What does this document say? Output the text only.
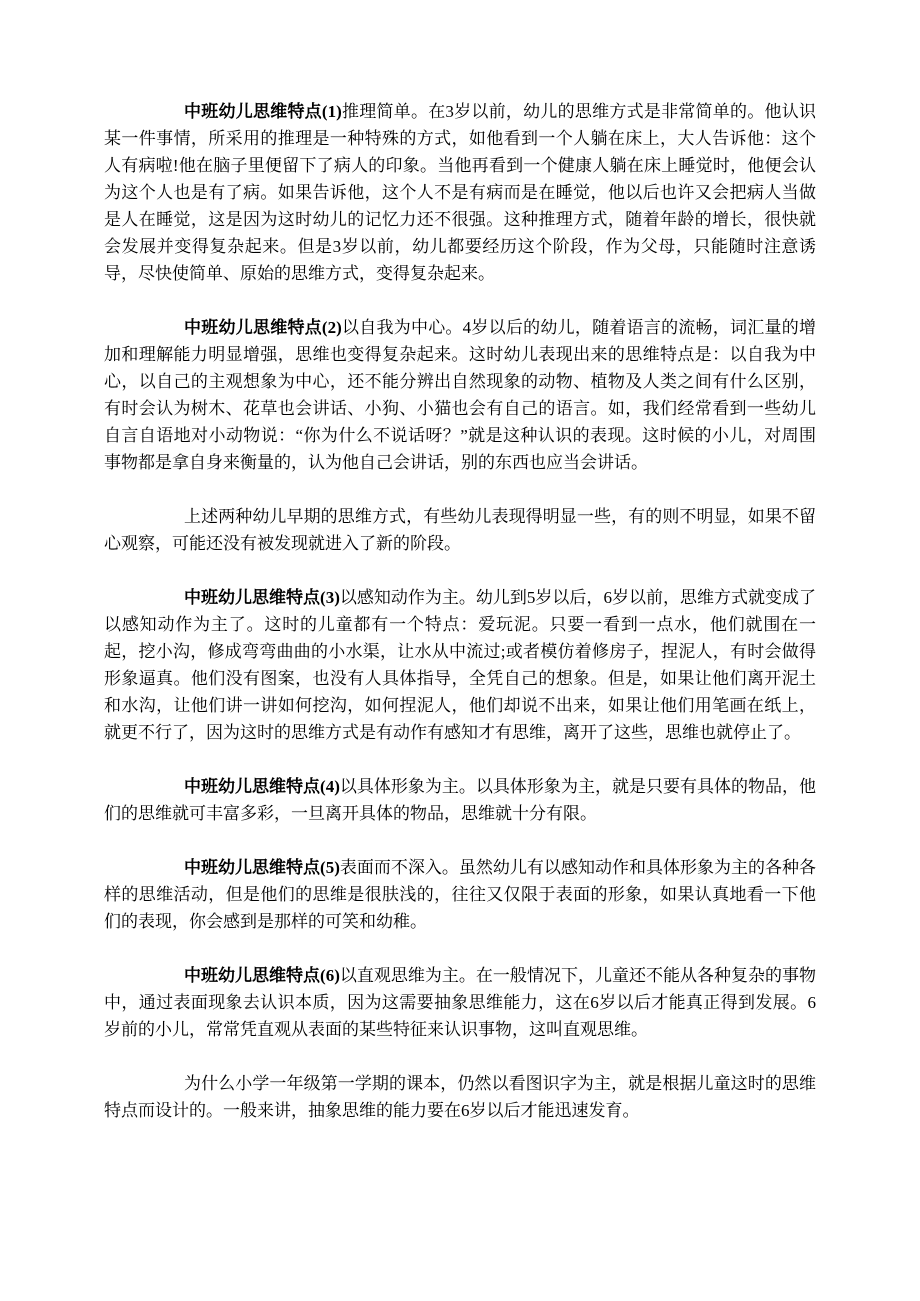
中班幼儿思维特点(1)推理简单。在3岁以前，幼儿的思维方式是非常简单的。他认识某一件事情，所采用的推理是一种特殊的方式，如他看到一个人躺在床上，大人告诉他：这个人有病啦!他在脑子里便留下了病人的印象。当他再看到一个健康人躺在床上睡觉时，他便会认为这个人也是有了病。如果告诉他，这个人不是有病而是在睡觉，他以后也许又会把病人当做是人在睡觉，这是因为这时幼儿的记忆力还不很强。这种推理方式，随着年龄的增长，很快就会发展并变得复杂起来。但是3岁以前，幼儿都要经历这个阶段，作为父母，只能随时注意诱导，尽快使简单、原始的思维方式，变得复杂起来。

中班幼儿思维特点(2)以自我为中心。4岁以后的幼儿，随着语言的流畅，词汇量的增加和理解能力明显增强，思维也变得复杂起来。这时幼儿表现出来的思维特点是：以自我为中心，以自己的主观想象为中心，还不能分辨出自然现象的动物、植物及人类之间有什么区别，有时会认为树木、花草也会讲话、小狗、小猫也会有自己的语言。如，我们经常看到一些幼儿自言自语地对小动物说：“你为什么不说话呀？”就是这种认识的表现。这时候的小儿，对周围事物都是拿自身来衡量的，认为他自己会讲话，别的东西也应当会讲话。

上述两种幼儿早期的思维方式，有些幼儿表现得明显一些，有的则不明显，如果不留心观察，可能还没有被发现就进入了新的阶段。

中班幼儿思维特点(3)以感知动作为主。幼儿到5岁以后，6岁以前，思维方式就变成了以感知动作为主了。这时的儿童都有一个特点：爱玩泥。只要一看到一点水，他们就围在一起，挖小沟，修成弯弯曲曲的小水渠，让水从中流过;或者模仿着修房子，捏泥人，有时会做得形象逼真。他们没有图案，也没有人具体指导，全凭自己的想象。但是，如果让他们离开泥土和水沟，让他们讲一讲如何挖沟，如何捏泥人，他们却说不出来，如果让他们用笔画在纸上，就更不行了，因为这时的思维方式是有动作有感知才有思维，离开了这些，思维也就停止了。

中班幼儿思维特点(4)以具体形象为主。以具体形象为主，就是只要有具体的物品，他们的思维就可丰富多彩，一旦离开具体的物品，思维就十分有限。

中班幼儿思维特点(5)表面而不深入。虽然幼儿有以感知动作和具体形象为主的各种各样的思维活动，但是他们的思维是很肤浅的，往往又仅限于表面的形象，如果认真地看一下他们的表现，你会感到是那样的可笑和幼稚。

中班幼儿思维特点(6)以直观思维为主。在一般情况下，儿童还不能从各种复杂的事物中，通过表面现象去认识本质，因为这需要抽象思维能力，这在6岁以后才能真正得到发展。6岁前的小儿，常常凭直观从表面的某些特征来认识事物，这叫直观思维。

为什么小学一年级第一学期的课本，仍然以看图识字为主，就是根据儿童这时的思维特点而设计的。一般来讲，抽象思维的能力要在6岁以后才能迅速发育。
